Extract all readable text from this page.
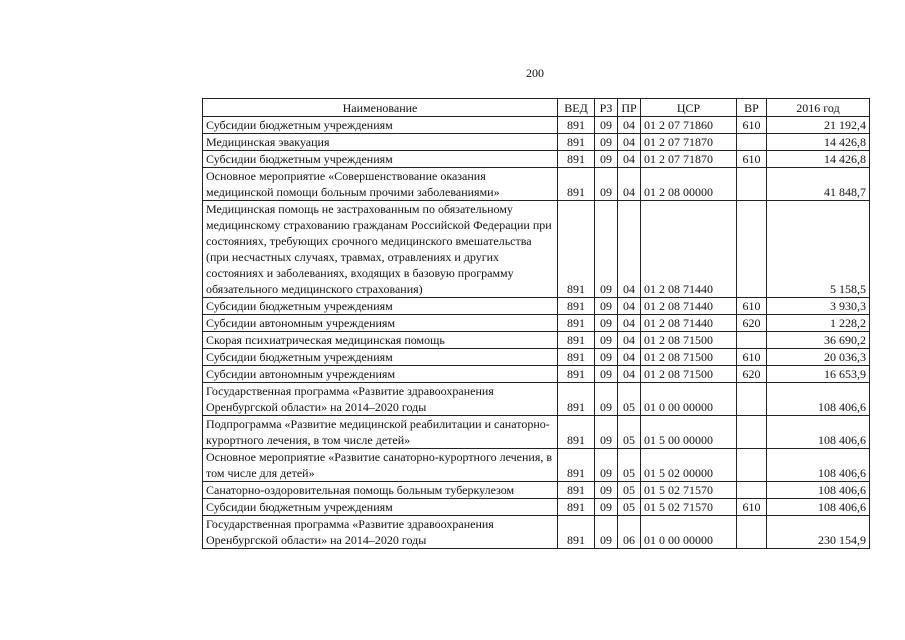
200
Наименование	ВЕД	РЗ	ПР	ЦСР	ВР	2016 год
Субсидии бюджетным учреждениям	891	09	04	01 2 07 71860	610	21 192,4
Медицинская эвакуация	891	09	04	01 2 07 71870		14 426,8
Субсидии бюджетным учреждениям	891	09	04	01 2 07 71870	610	14 426,8
Основное мероприятие «Совершенствование оказания медицинской помощи больным прочими заболеваниями»	891	09	04	01 2 08 00000		41 848,7
Медицинская помощь не застрахованным по обязательному медицинскому страхованию гражданам Российской Федерации при состояниях, требующих срочного медицинского вмешательства (при несчастных случаях, травмах, отравлениях и других состояниях и заболеваниях, входящих в базовую программу обязательного медицинского страхования)	891	09	04	01 2 08 71440		5 158,5
Субсидии бюджетным учреждениям	891	09	04	01 2 08 71440	610	3 930,3
Субсидии автономным учреждениям	891	09	04	01 2 08 71440	620	1 228,2
Скорая психиатрическая медицинская помощь	891	09	04	01 2 08 71500		36 690,2
Субсидии бюджетным учреждениям	891	09	04	01 2 08 71500	610	20 036,3
Субсидии автономным учреждениям	891	09	04	01 2 08 71500	620	16 653,9
Государственная программа «Развитие здравоохранения Оренбургской области» на 2014–2020 годы	891	09	05	01 0 00 00000		108 406,6
Подпрограмма «Развитие медицинской реабилитации и санаторно-курортного лечения, в том числе детей»	891	09	05	01 5 00 00000		108 406,6
Основное мероприятие «Развитие санаторно-курортного лечения, в том числе для детей»	891	09	05	01 5 02 00000		108 406,6
Санаторно-оздоровительная помощь больным туберкулезом	891	09	05	01 5 02 71570		108 406,6
Субсидии бюджетным учреждениям	891	09	05	01 5 02 71570	610	108 406,6
Государственная программа «Развитие здравоохранения Оренбургской области» на 2014–2020 годы	891	09	06	01 0 00 00000		230 154,9
